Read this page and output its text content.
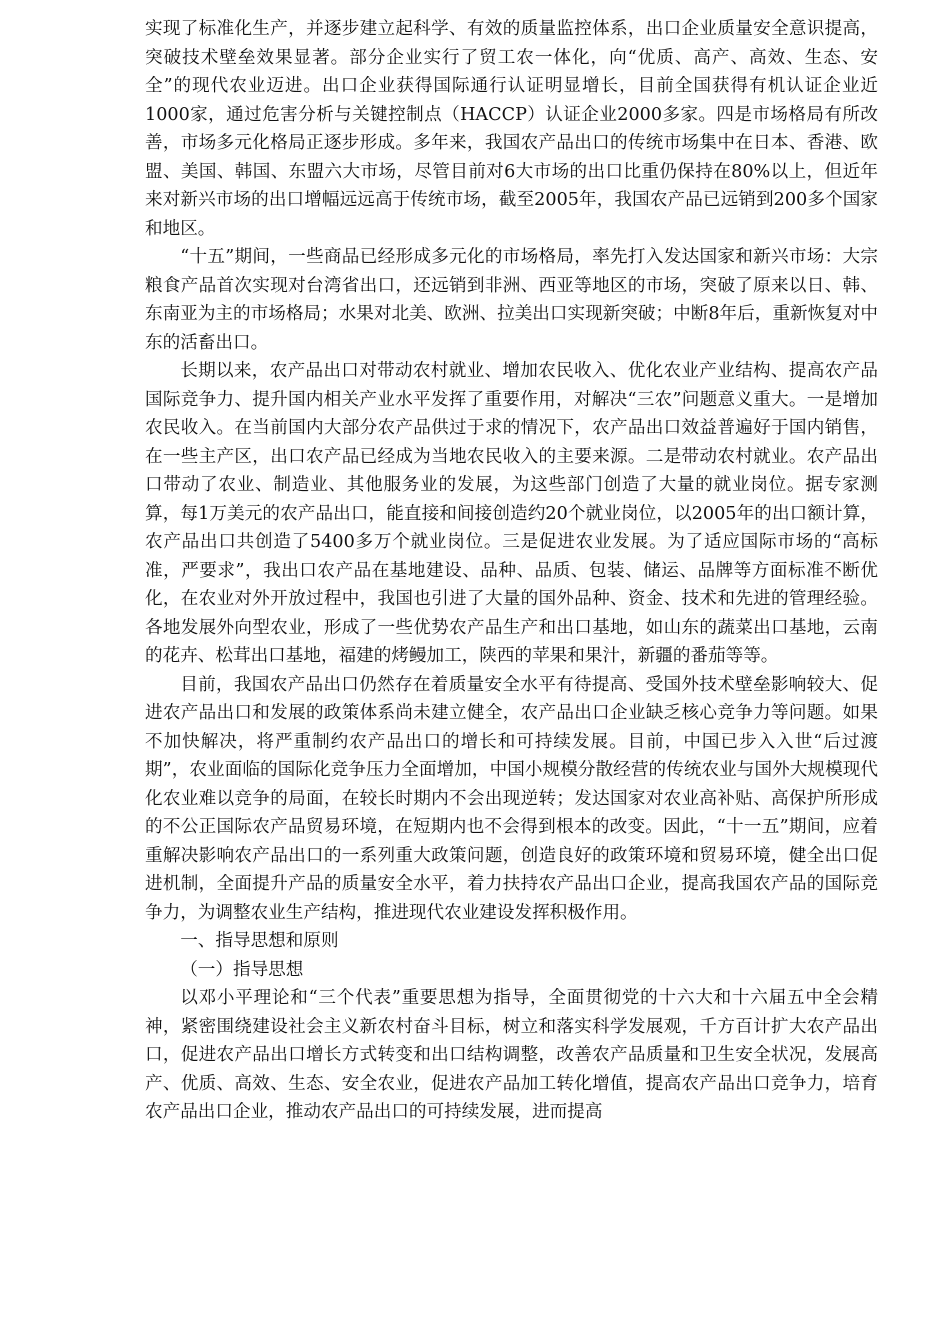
实现了标准化生产，并逐步建立起科学、有效的质量监控体系，出口企业质量安全意识提高，突破技术壁垒效果显著。部分企业实行了贸工农一体化，向“优质、高产、高效、生态、安全”的现代农业迈进。出口企业获得国际通行认证明显增长，目前全国获得有机认证企业近1000家，通过危害分析与关键控制点（HACCP）认证企业2000多家。四是市场格局有所改善，市场多元化格局正逐步形成。多年来，我国农产品出口的传统市场集中在日本、香港、欧盟、美国、韩国、东盟六大市场，尽管目前对6大市场的出口比重仍保持在80%以上，但近年来对新兴市场的出口增幅远远高于传统市场，截至2005年，我国农产品已远销到200多个国家和地区。

“十五”期间，一些商品已经形成多元化的市场格局，率先打入发达国家和新兴市场：大宗粮食产品首次实现对台湾省出口，还远销到非洲、西亚等地区的市场，突破了原来以日、韩、东南亚为主的市场格局；水果对北美、欧洲、拉美出口实现新突破；中断8年后，重新恢复对中东的活畜出口。

长期以来，农产品出口对带动农村就业、增加农民收入、优化农业产业结构、提高农产品国际竞争力、提升国内相关产业水平发挥了重要作用，对解决“三农”问题意义重大。一是增加农民收入。在当前国内大部分农产品供过于求的情况下，农产品出口效益普遍好于国内销售，在一些主产区，出口农产品已经成为当地农民收入的主要来源。二是带动农村就业。农产品出口带动了农业、制造业、其他服务业的发展，为这些部门创造了大量的就业岗位。据专家测算，每1万美元的农产品出口，能直接和间接创造约20个就业岗位，以2005年的出口额计算，农产品出口共创造了5400多万个就业岗位。三是促进农业发展。为了适应国际市场的“高标准，严要求”，我出口农产品在基地建设、品种、品质、包装、储运、品牌等方面标准不断优化，在农业对外开放过程中，我国也引进了大量的国外品种、资金、技术和先进的管理经验。各地发展外向型农业，形成了一些优势农产品生产和出口基地，如山东的蔬菜出口基地，云南的花卉、松茸出口基地，福建的烤鳗加工，陕西的苹果和果汁，新疆的番茄等等。

目前，我国农产品出口仍然存在着质量安全水平有待提高、受国外技术壁垒影响较大、促进农产品出口和发展的政策体系尚未建立健全，农产品出口企业缺乏核心竞争力等问题。如果不加快解决，将严重制约农产品出口的增长和可持续发展。目前，中国已步入入世“后过渡期”，农业面临的国际化竞争压力全面增加，中国小规模分散经营的传统农业与国外大规模现代化农业难以竞争的局面，在较长时期内不会出现逆转；发达国家对农业高补贴、高保护所形成的不公正国际农产品贸易环境，在短期内也不会得到根本的改变。因此，“十一五”期间，应着重解决影响农产品出口的一系列重大政策问题，创造良好的政策环境和贸易环境，健全出口促进机制，全面提升产品的质量安全水平，着力扶持农产品出口企业，提高我国农产品的国际竞争力，为调整农业生产结构，推进现代农业建设发挥积极作用。

一、指导思想和原则

（一）指导思想

以邓小平理论和“三个代表”重要思想为指导，全面贯彻党的十六大和十六届五中全会精神，紧密围绕建设社会主义新农村奋斗目标，树立和落实科学发展观，千方百计扩大农产品出口，促进农产品出口增长方式转变和出口结构调整，改善农产品质量和卫生安全状况，发展高产、优质、高效、生态、安全农业，促进农产品加工转化增值，提高农产品出口竞争力，培育农产品出口企业，推动农产品出口的可持续发展，进而提高
